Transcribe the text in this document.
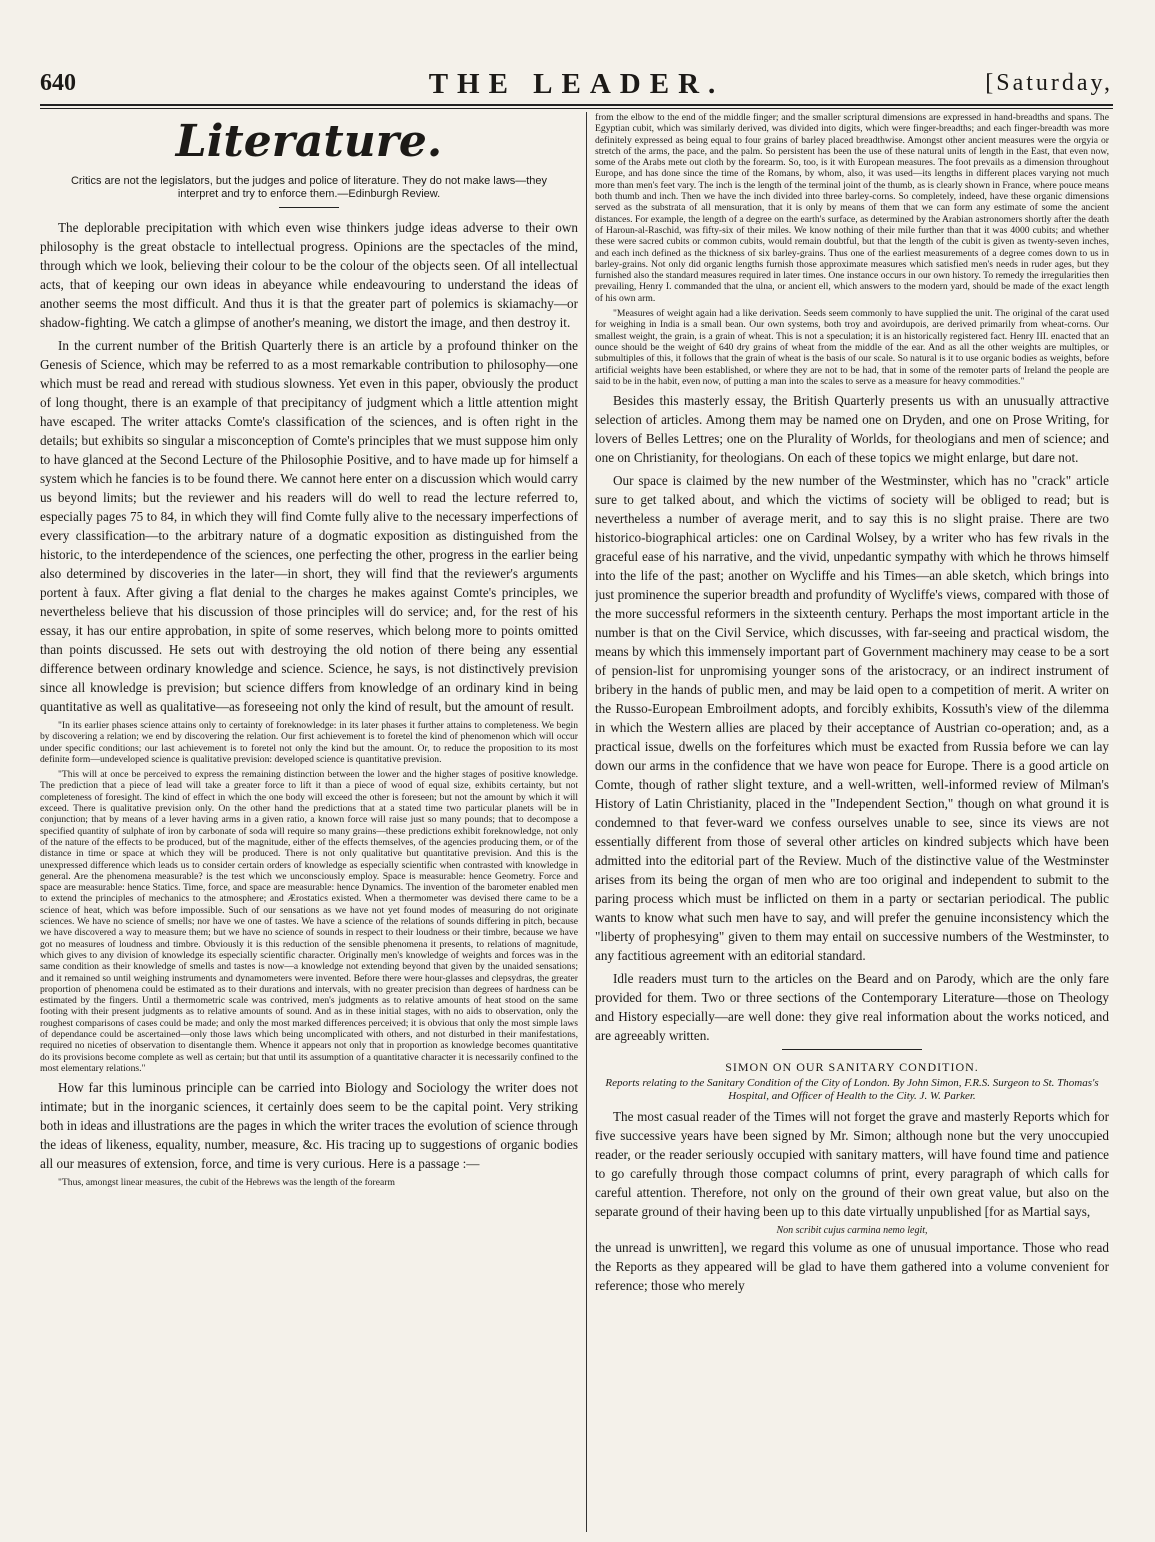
640	THE LEADER.	[Saturday,
Literature.
Critics are not the legislators, but the judges and police of literature. They do not make laws—they interpret and try to enforce them.—Edinburgh Review.

The deplorable precipitation with which even wise thinkers judge ideas adverse to their own philosophy is the great obstacle to intellectual progress. Opinions are the spectacles of the mind, through which we look, believing their colour to be the colour of the objects seen. Of all intellectual acts, that of keeping our own ideas in abeyance while endeavouring to understand the ideas of another seems the most difficult. And thus it is that the greater part of polemics is skiamachy—or shadow-fighting. We catch a glimpse of another's meaning, we distort the image, and then destroy it.

In the current number of the British Quarterly there is an article by a profound thinker on the Genesis of Science, which may be referred to as a most remarkable contribution to philosophy—one which must be read and reread with studious slowness. Yet even in this paper, obviously the product of long thought, there is an example of that precipitancy of judgment which a little attention might have escaped. The writer attacks Comte's classification of the sciences, and is often right in the details; but exhibits so singular a misconception of Comte's principles that we must suppose him only to have glanced at the Second Lecture of the Philosophie Positive, and to have made up for himself a system which he fancies is to be found there. We cannot here enter on a discussion which would carry us beyond limits; but the reviewer and his readers will do well to read the lecture referred to, especially pages 75 to 84, in which they will find Comte fully alive to the necessary imperfections of every classification—to the arbitrary nature of a dogmatic exposition as distinguished from the historic, to the interdependence of the sciences, one perfecting the other, progress in the earlier being also determined by discoveries in the later—in short, they will find that the reviewer's arguments portent à faux. After giving a flat denial to the charges he makes against Comte's principles, we nevertheless believe that his discussion of those principles will do service; and, for the rest of his essay, it has our entire approbation, in spite of some reserves, which belong more to points omitted than points discussed. He sets out with destroying the old notion of there being any essential difference between ordinary knowledge and science. Science, he says, is not distinctively prevision since all knowledge is prevision; but science differs from knowledge of an ordinary kind in being quantitative as well as qualitative—as foreseeing not only the kind of result, but the amount of result.

"In its earlier phases science attains only to certainty of foreknowledge: in its later phases it further attains to completeness. We begin by discovering a relation; we end by discovering the relation. Our first achievement is to foretel the kind of phenomenon which will occur under specific conditions; our last achievement is to foretel not only the kind but the amount. Or, to reduce the proposition to its most definite form—undeveloped science is qualitative prevision: developed science is quantitative prevision.

"This will at once be perceived to express the remaining distinction between the lower and the higher stages of positive knowledge. The prediction that a piece of lead will take a greater force to lift it than a piece of wood of equal size, exhibits certainty, but not completeness of foresight. The kind of effect in which the one body will exceed the other is foreseen; but not the amount by which it will exceed. There is qualitative prevision only. On the other hand the predictions that at a stated time two particular planets will be in conjunction; that by means of a lever having arms in a given ratio, a known force will raise just so many pounds; that to decompose a specified quantity of sulphate of iron by carbonate of soda will require so many grains—these predictions exhibit foreknowledge, not only of the nature of the effects to be produced, but of the magnitude, either of the effects themselves, of the agencies producing them, or of the distance in time or space at which they will be produced. There is not only qualitative but quantitative prevision. And this is the unexpressed difference which leads us to consider certain orders of knowledge as especially scientific when contrasted with knowledge in general. Are the phenomena measurable? is the test which we unconsciously employ. Space is measurable: hence Geometry. Force and space are measurable: hence Statics. Time, force, and space are measurable: hence Dynamics. The invention of the barometer enabled men to extend the principles of mechanics to the atmosphere; and Ærostatics existed. When a thermometer was devised there came to be a science of heat, which was before impossible. Such of our sensations as we have not yet found modes of measuring do not originate sciences. We have no science of smells; nor have we one of tastes. We have a science of the relations of sounds differing in pitch, because we have discovered a way to measure them; but we have no science of sounds in respect to their loudness or their timbre, because we have got no measures of loudness and timbre. Obviously it is this reduction of the sensible phenomena it presents, to relations of magnitude, which gives to any division of knowledge its especially scientific character. Originally men's knowledge of weights and forces was in the same condition as their knowledge of smells and tastes is now—a knowledge not extending beyond that given by the unaided sensations; and it remained so until weighing instruments and dynamometers were invented. Before there were hour-glasses and clepsydras, the greater proportion of phenomena could be estimated as to their durations and intervals, with no greater precision than degrees of hardness can be estimated by the fingers. Until a thermometric scale was contrived, men's judgments as to relative amounts of heat stood on the same footing with their present judgments as to relative amounts of sound. And as in these initial stages, with no aids to observation, only the roughest comparisons of cases could be made; and only the most marked differences perceived; it is obvious that only the most simple laws of dependance could be ascertained—only those laws which being uncomplicated with others, and not disturbed in their manifestations, required no niceties of observation to disentangle them. Whence it appears not only that in proportion as knowledge becomes quantitative do its provisions become complete as well as certain; but that until its assumption of a quantitative character it is necessarily confined to the most elementary relations."

How far this luminous principle can be carried into Biology and Sociology the writer does not intimate; but in the inorganic sciences, it certainly does seem to be the capital point. Very striking both in ideas and illustrations are the pages in which the writer traces the evolution of science through the ideas of likeness, equality, number, measure, &c. His tracing up to suggestions of organic bodies all our measures of extension, force, and time is very curious. Here is a passage :—

"Thus, amongst linear measures, the cubit of the Hebrews was the length of the forearm

from the elbow to the end of the middle finger; and the smaller scriptural dimensions are expressed in hand-breadths and spans. The Egyptian cubit, which was similarly derived, was divided into digits, which were finger-breadths; and each finger-breadth was more definitely expressed as being equal to four grains of barley placed breadthwise. Amongst other ancient measures were the orgyia or stretch of the arms, the pace, and the palm. So persistent has been the use of these natural units of length in the East, that even now, some of the Arabs mete out cloth by the forearm. So, too, is it with European measures. The foot prevails as a dimension throughout Europe, and has done since the time of the Romans, by whom, also, it was used—its lengths in different places varying not much more than men's feet vary. The inch is the length of the terminal joint of the thumb, as is clearly shown in France, where pouce means both thumb and inch. Then we have the inch divided into three barley-corns. So completely, indeed, have these organic dimensions served as the substrata of all mensuration, that it is only by means of them that we can form any estimate of some the ancient distances. For example, the length of a degree on the earth's surface, as determined by the Arabian astronomers shortly after the death of Haroun-al-Raschid, was fifty-six of their miles. We know nothing of their mile further than that it was 4000 cubits; and whether these were sacred cubits or common cubits, would remain doubtful, but that the length of the cubit is given as twenty-seven inches, and each inch defined as the thickness of six barley-grains. Thus one of the earliest measurements of a degree comes down to us in barley-grains. Not only did organic lengths furnish those approximate measures which satisfied men's needs in ruder ages, but they furnished also the standard measures required in later times. One instance occurs in our own history. To remedy the irregularities then prevailing, Henry I. commanded that the ulna, or ancient ell, which answers to the modern yard, should be made of the exact length of his own arm.

"Measures of weight again had a like derivation. Seeds seem commonly to have supplied the unit. The original of the carat used for weighing in India is a small bean. Our own systems, both troy and avoirdupois, are derived primarily from wheat-corns. Our smallest weight, the grain, is a grain of wheat. This is not a speculation; it is an historically registered fact. Henry III. enacted that an ounce should be the weight of 640 dry grains of wheat from the middle of the ear. And as all the other weights are multiples, or submultiples of this, it follows that the grain of wheat is the basis of our scale. So natural is it to use organic bodies as weights, before artificial weights have been established, or where they are not to be had, that in some of the remoter parts of Ireland the people are said to be in the habit, even now, of putting a man into the scales to serve as a measure for heavy commodities."

Besides this masterly essay, the British Quarterly presents us with an unusually attractive selection of articles. Among them may be named one on Dryden, and one on Prose Writing, for lovers of Belles Lettres; one on the Plurality of Worlds, for theologians and men of science; and one on Christianity, for theologians. On each of these topics we might enlarge, but dare not.

Our space is claimed by the new number of the Westminster, which has no "crack" article sure to get talked about, and which the victims of society will be obliged to read; but is nevertheless a number of average merit, and to say this is no slight praise. There are two historico-biographical articles: one on Cardinal Wolsey, by a writer who has few rivals in the graceful ease of his narrative, and the vivid, unpedantic sympathy with which he throws himself into the life of the past; another on Wycliffe and his Times—an able sketch, which brings into just prominence the superior breadth and profundity of Wycliffe's views, compared with those of the more successful reformers in the sixteenth century. Perhaps the most important article in the number is that on the Civil Service, which discusses, with far-seeing and practical wisdom, the means by which this immensely important part of Government machinery may cease to be a sort of pension-list for unpromising younger sons of the aristocracy, or an indirect instrument of bribery in the hands of public men, and may be laid open to a competition of merit. A writer on the Russo-European Embroilment adopts, and forcibly exhibits, Kossuth's view of the dilemma in which the Western allies are placed by their acceptance of Austrian co-operation; and, as a practical issue, dwells on the forfeitures which must be exacted from Russia before we can lay down our arms in the confidence that we have won peace for Europe. There is a good article on Comte, though of rather slight texture, and a well-written, well-informed review of Milman's History of Latin Christianity, placed in the "Independent Section," though on what ground it is condemned to that fever-ward we confess ourselves unable to see, since its views are not essentially different from those of several other articles on kindred subjects which have been admitted into the editorial part of the Review. Much of the distinctive value of the Westminster arises from its being the organ of men who are too original and independent to submit to the paring process which must be inflicted on them in a party or sectarian periodical. The public wants to know what such men have to say, and will prefer the genuine inconsistency which the "liberty of prophesying" given to them may entail on successive numbers of the Westminster, to any factitious agreement with an editorial standard.

Idle readers must turn to the articles on the Beard and on Parody, which are the only fare provided for them. Two or three sections of the Contemporary Literature—those on Theology and History especially—are well done: they give real information about the works noticed, and are agreeably written.

SIMON ON OUR SANITARY CONDITION.
Reports relating to the Sanitary Condition of the City of London. By John Simon, F.R.S. Surgeon to St. Thomas's Hospital, and Officer of Health to the City. J. W. Parker.

The most casual reader of the Times will not forget the grave and masterly Reports which for five successive years have been signed by Mr. Simon; although none but the very unoccupied reader, or the reader seriously occupied with sanitary matters, will have found time and patience to go carefully through those compact columns of print, every paragraph of which calls for careful attention. Therefore, not only on the ground of their own great value, but also on the separate ground of their having been up to this date virtually unpublished [for as Martial says,

Non scribit cujus carmina nemo legit,

the unread is unwritten], we regard this volume as one of unusual importance. Those who read the Reports as they appeared will be glad to have them gathered into a volume convenient for reference; those who merely
